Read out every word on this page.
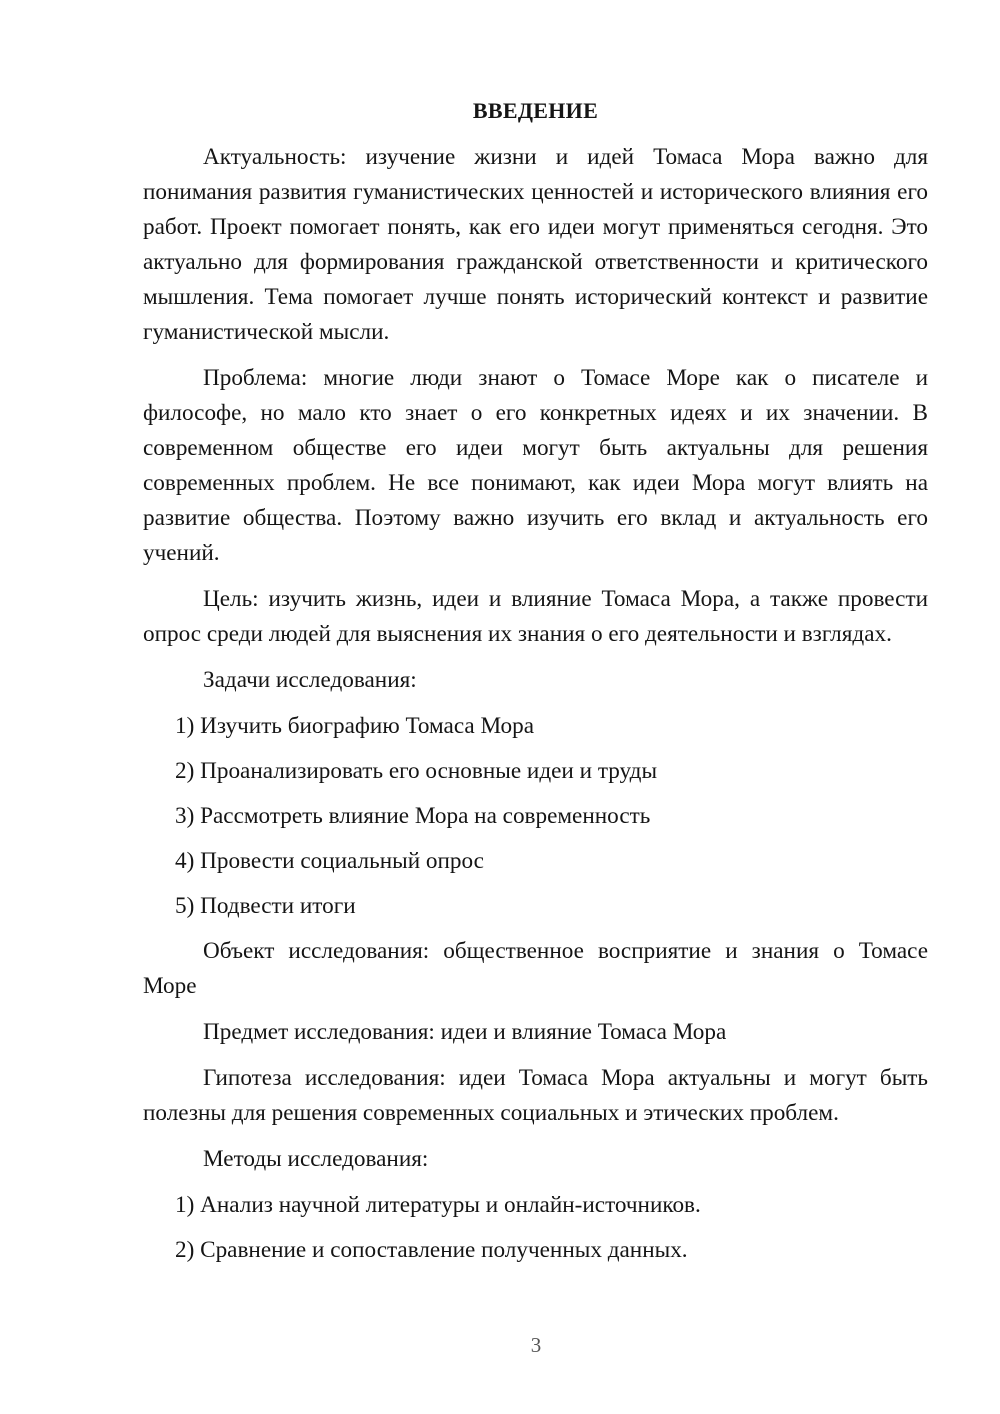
ВВЕДЕНИЕ

Актуальность: изучение жизни и идей Томаса Мора важно для понимания развития гуманистических ценностей и исторического влияния его работ. Проект помогает понять, как его идеи могут применяться сегодня. Это актуально для формирования гражданской ответственности и критического мышления. Тема помогает лучше понять исторический контекст и развитие гуманистической мысли.

Проблема: многие люди знают о Томасе Море как о писателе и философе, но мало кто знает о его конкретных идеях и их значении. В современном обществе его идеи могут быть актуальны для решения современных проблем. Не все понимают, как идеи Мора могут влиять на развитие общества. Поэтому важно изучить его вклад и актуальность его учений.

Цель: изучить жизнь, идеи и влияние Томаса Мора, а также провести опрос среди людей для выяснения их знания о его деятельности и взглядах.

Задачи исследования:

1) Изучить биографию Томаса Мора

2) Проанализировать его основные идеи и труды

3) Рассмотреть влияние Мора на современность

4) Провести социальный опрос

5) Подвести итоги

Объект исследования: общественное восприятие и знания о Томасе Море

Предмет исследования: идеи и влияние Томаса Мора

Гипотеза исследования: идеи Томаса Мора актуальны и могут быть полезны для решения современных социальных и этических проблем.

Методы исследования:

1) Анализ научной литературы и онлайн-источников.

2) Сравнение и сопоставление полученных данных.

3
